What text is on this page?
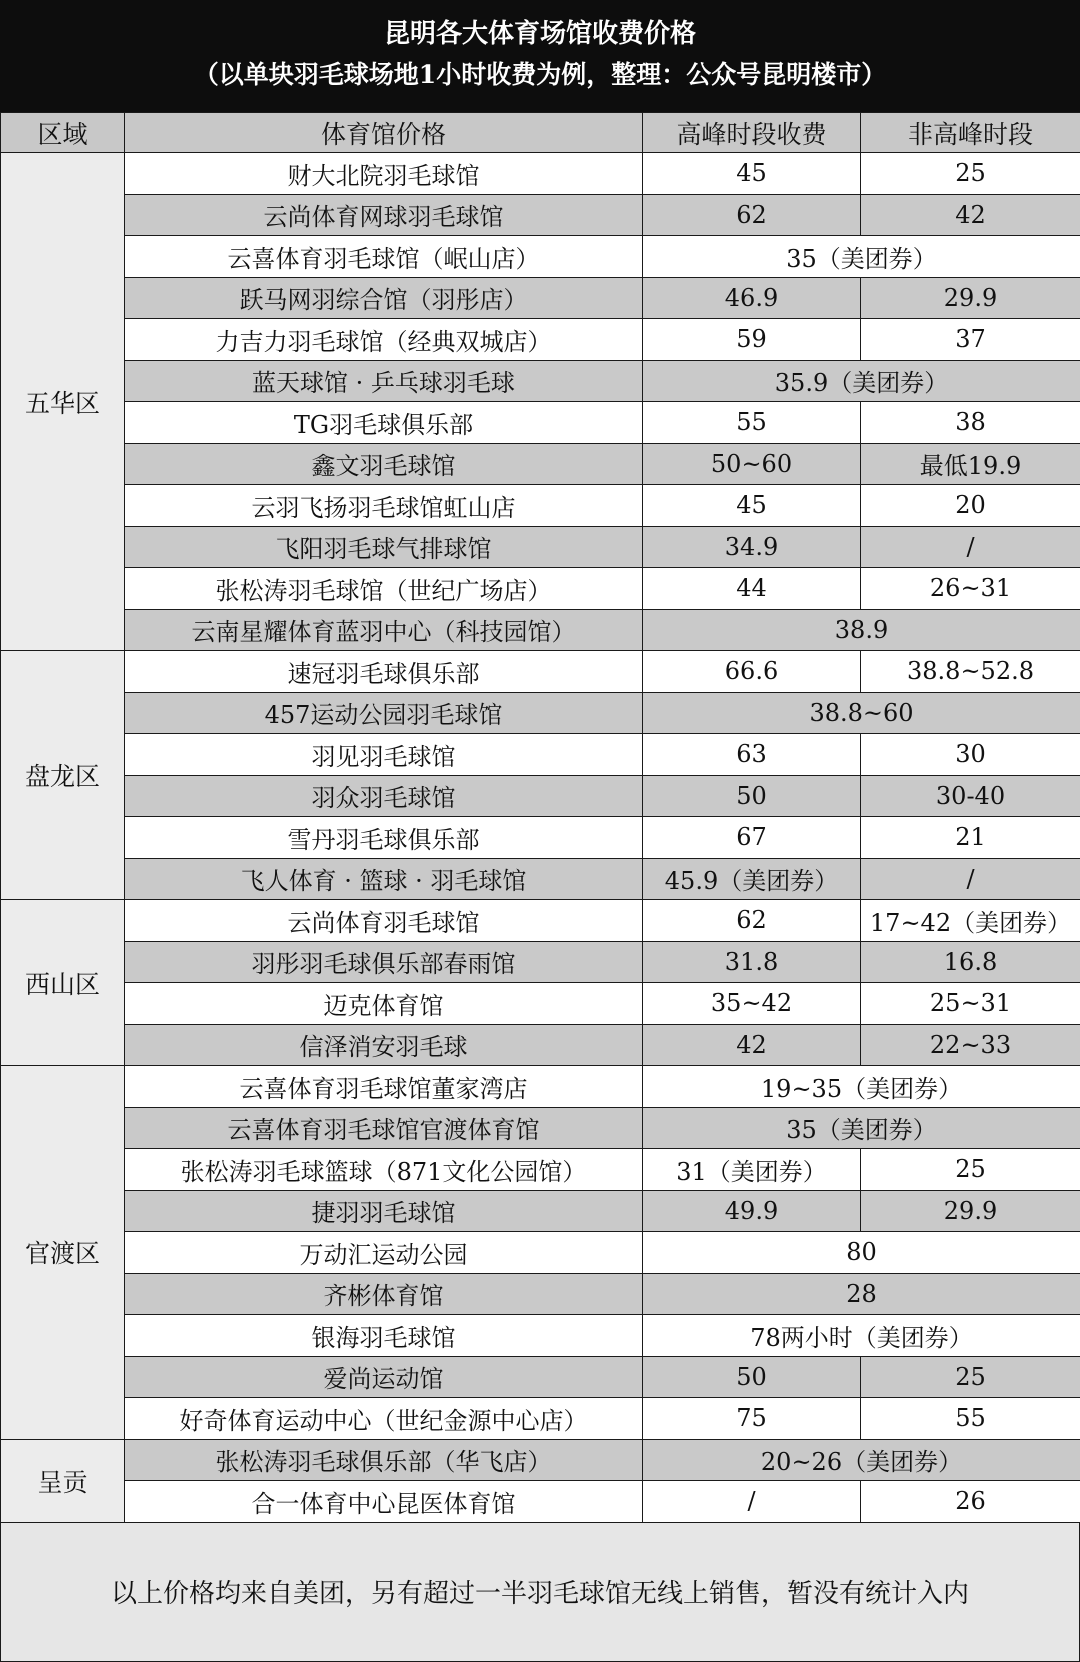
昆明各大体育场馆收费价格
（以单块羽毛球场地1小时收费为例，整理：公众号昆明楼市）
区域	体育馆价格	高峰时段收费	非高峰时段
五华区	财大北院羽毛球馆	45	25
	云尚体育网球羽毛球馆	62	42
	云喜体育羽毛球馆（岷山店）	35（美团券）	
	跃马网羽综合馆（羽彤店）	46.9	29.9
	力吉力羽毛球馆（经典双城店）	59	37
	蓝天球馆 · 乒乓球羽毛球	35.9（美团券）	
	TG羽毛球俱乐部	55	38
	鑫文羽毛球馆	50~60	最低19.9
	云羽飞扬羽毛球馆虹山店	45	20
	飞阳羽毛球气排球馆	34.9	/
	张松涛羽毛球馆（世纪广场店）	44	26~31
	云南星耀体育蓝羽中心（科技园馆）	38.9	
盘龙区	速冠羽毛球俱乐部	66.6	38.8~52.8
	457运动公园羽毛球馆	38.8~60	
	羽见羽毛球馆	63	30
	羽众羽毛球馆	50	30-40
	雪丹羽毛球俱乐部	67	21
	飞人体育 · 篮球 · 羽毛球馆	45.9（美团券）	/
西山区	云尚体育羽毛球馆	62	17~42（美团券）
	羽彤羽毛球俱乐部春雨馆	31.8	16.8
	迈克体育馆	35~42	25~31
	信泽消安羽毛球	42	22~33
官渡区	云喜体育羽毛球馆董家湾店	19~35（美团券）	
	云喜体育羽毛球馆官渡体育馆	35（美团券）	
	张松涛羽毛球篮球（871文化公园馆）	31（美团券）	25
	捷羽羽毛球馆	49.9	29.9
	万动汇运动公园	80	
	齐彬体育馆	28	
	银海羽毛球馆	78两小时（美团券）	
	爱尚运动馆	50	25
	好奇体育运动中心（世纪金源中心店）	75	55
呈贡	张松涛羽毛球俱乐部（华飞店）	20~26（美团券）	
	合一体育中心昆医体育馆	/	26
以上价格均来自美团，另有超过一半羽毛球馆无线上销售，暂没有统计入内
